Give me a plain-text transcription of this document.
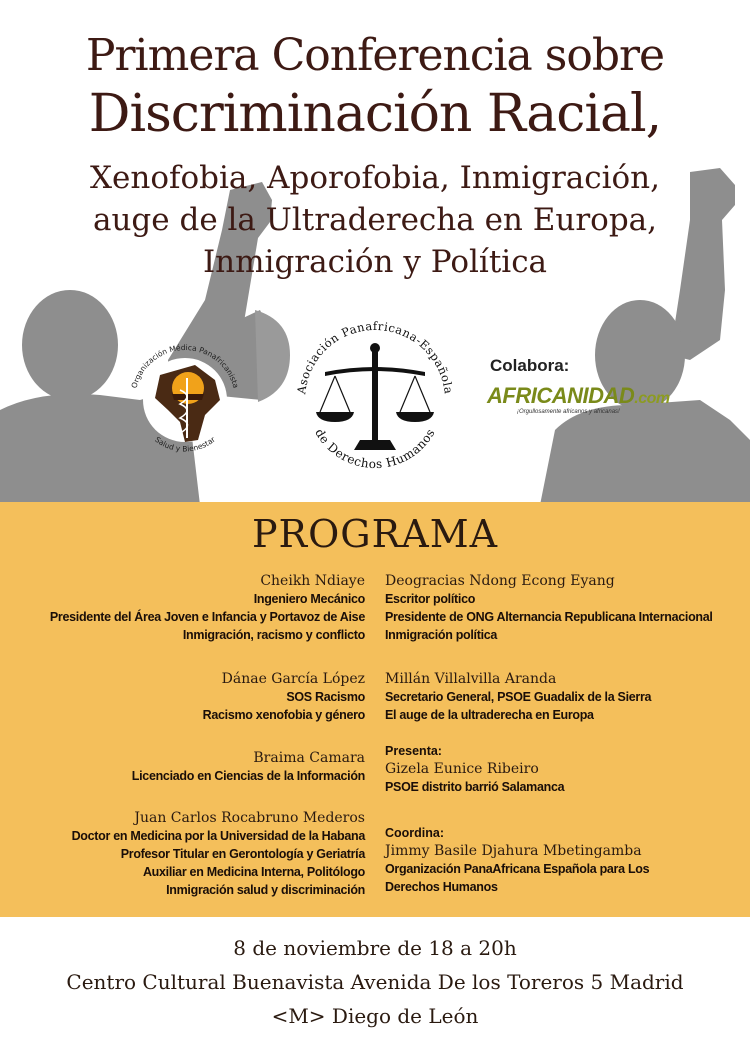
Primera Conferencia sobre
Discriminación Racial,
Xenofobia, Aporofobia, Inmigración,
auge de la Ultraderecha en Europa,
Inmigración y Política
Organización Médica Panafricanista
Salud y Bienestar
Asociación Panafricana-Española
de Derechos Humanos
Colabora:
AFRICANIDAD.com
¡Orgullosamente africanos y africanas!
PROGRAMA
Cheikh Ndiaye
Ingeniero Mecánico
Presidente del Área Joven e Infancia y Portavoz de Aise
Inmigración, racismo y conflicto
Dánae García López
SOS Racismo
Racismo xenofobia y género
Braima Camara
Licenciado en Ciencias de la Información
Juan Carlos Rocabruno Mederos
Doctor en Medicina por la Universidad de la Habana
Profesor Titular en Gerontología y Geriatría
Auxiliar en Medicina Interna, Politólogo
Inmigración salud y discriminación
Deogracias Ndong Econg Eyang
Escritor político
Presidente de ONG Alternancia Republicana Internacional
Inmigración política
Millán Villalvilla Aranda
Secretario General, PSOE Guadalix de la Sierra
El auge de la ultraderecha en Europa
Presenta:
Gizela Eunice Ribeiro
PSOE distrito barrió Salamanca
Coordina:
Jimmy Basile Djahura Mbetingamba
Organización PanaAfricana Española para Los
Derechos Humanos
8 de noviembre de 18 a 20h
Centro Cultural Buenavista Avenida De los Toreros 5 Madrid
<M> Diego de León
